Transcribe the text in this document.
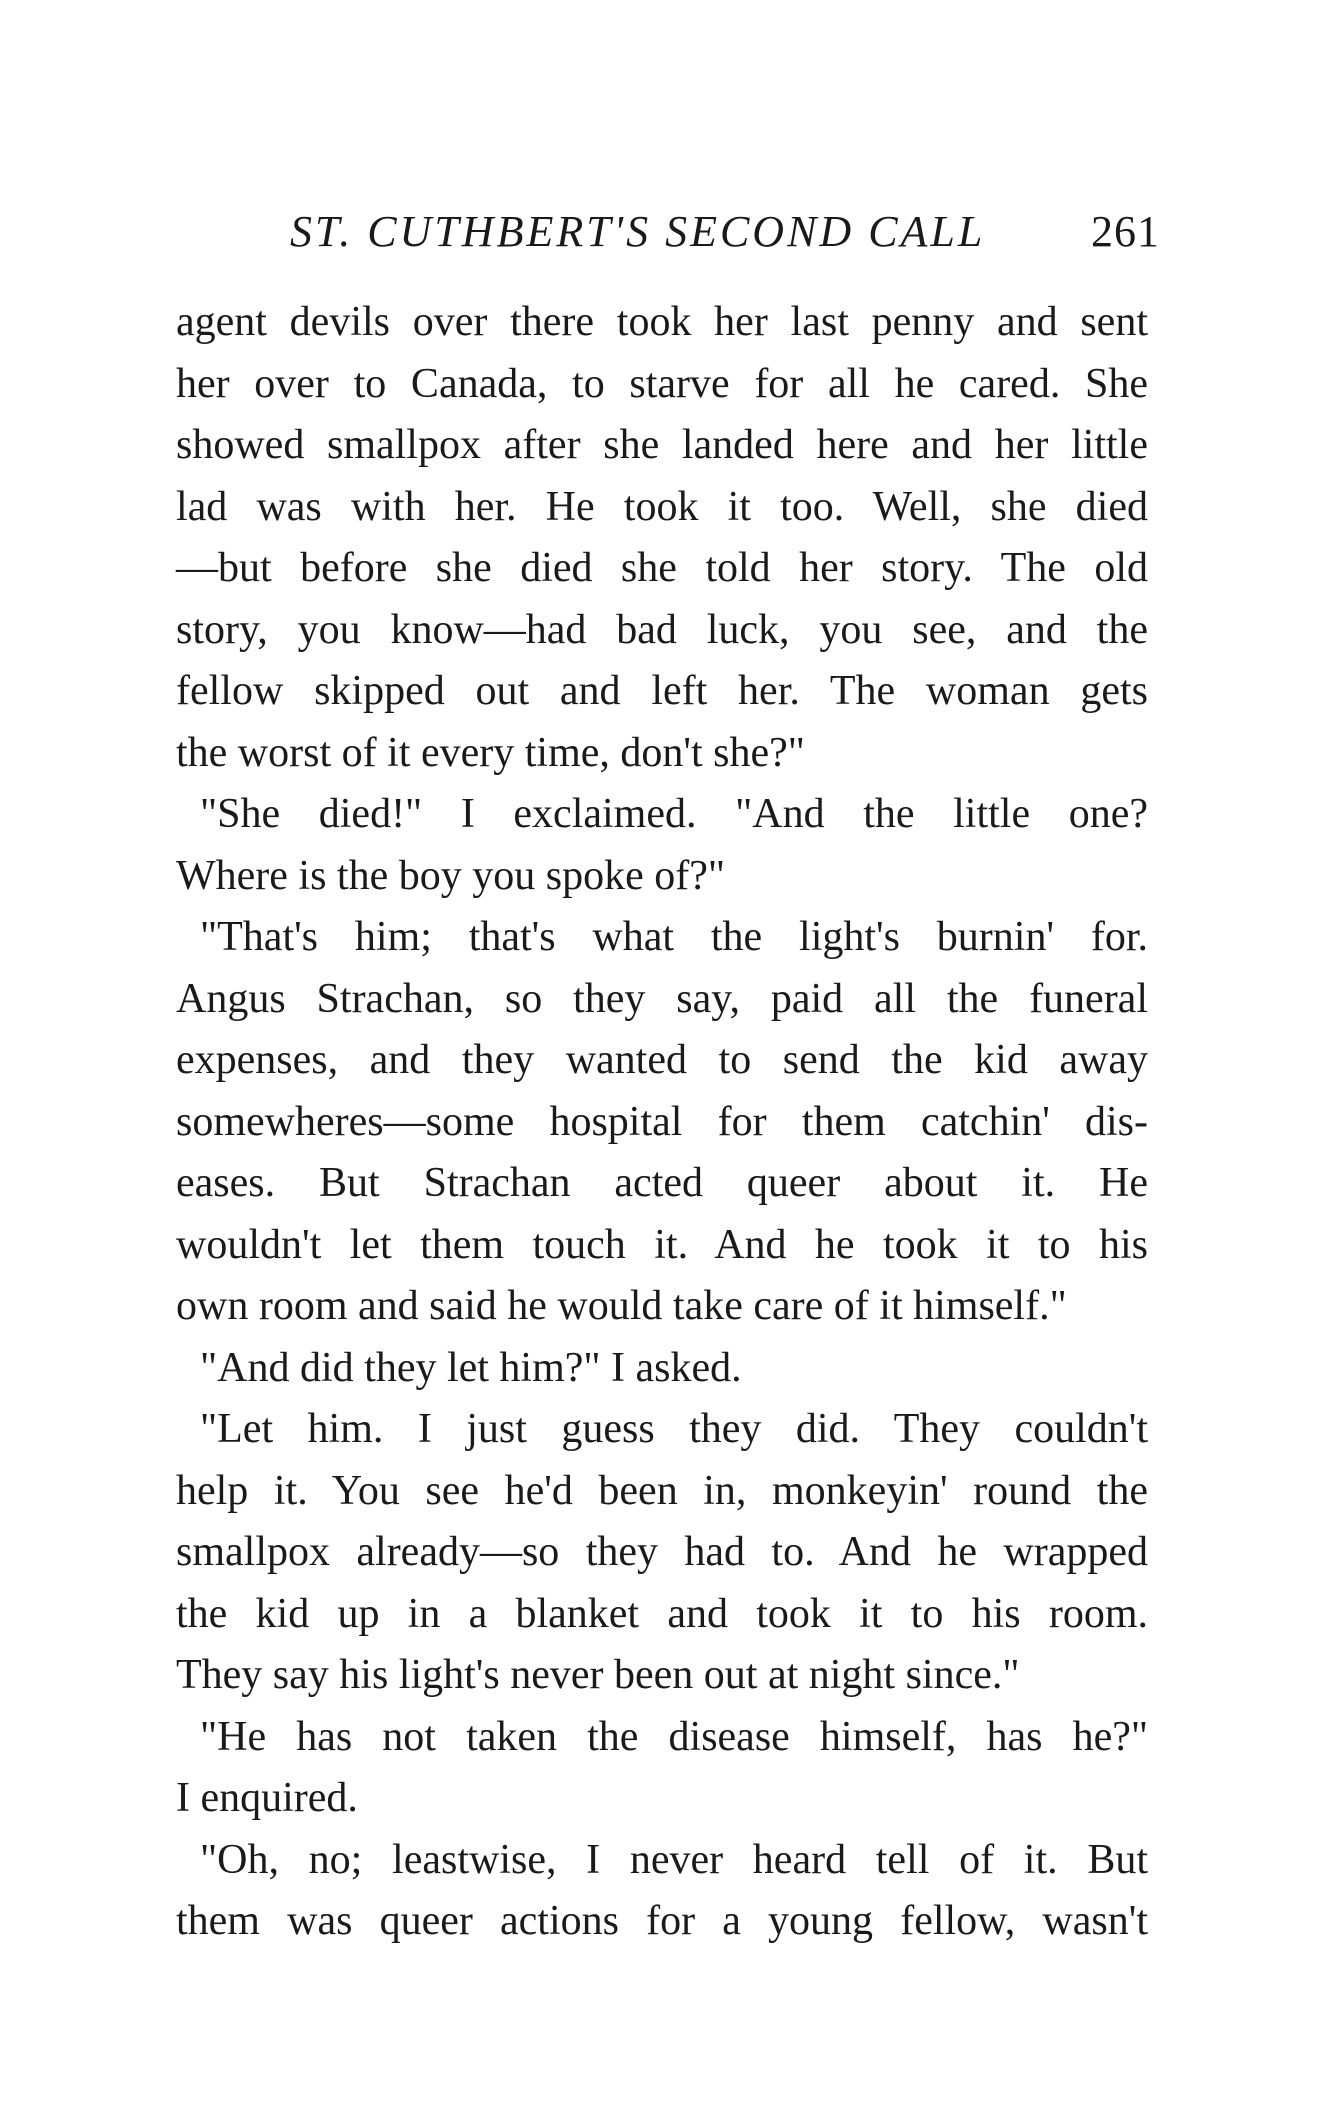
ST. CUTHBERT'S SECOND CALL 261
agent devils over there took her last penny and sent
her over to Canada, to starve for all he cared. She
showed smallpox after she landed here and her little
lad was with her. He took it too. Well, she died
—but before she died she told her story. The old
story, you know—had bad luck, you see, and the
fellow skipped out and left her. The woman gets
the worst of it every time, don't she?"
"She died!" I exclaimed. "And the little one?
Where is the boy you spoke of?"
"That's him; that's what the light's burnin' for.
Angus Strachan, so they say, paid all the funeral
expenses, and they wanted to send the kid away
somewheres—some hospital for them catchin' dis-
eases. But Strachan acted queer about it. He
wouldn't let them touch it. And he took it to his
own room and said he would take care of it himself."
"And did they let him?" I asked.
"Let him. I just guess they did. They couldn't
help it. You see he'd been in, monkeyin' round the
smallpox already—so they had to. And he wrapped
the kid up in a blanket and took it to his room.
They say his light's never been out at night since."
"He has not taken the disease himself, has he?"
I enquired.
"Oh, no; leastwise, I never heard tell of it. But
them was queer actions for a young fellow, wasn't
